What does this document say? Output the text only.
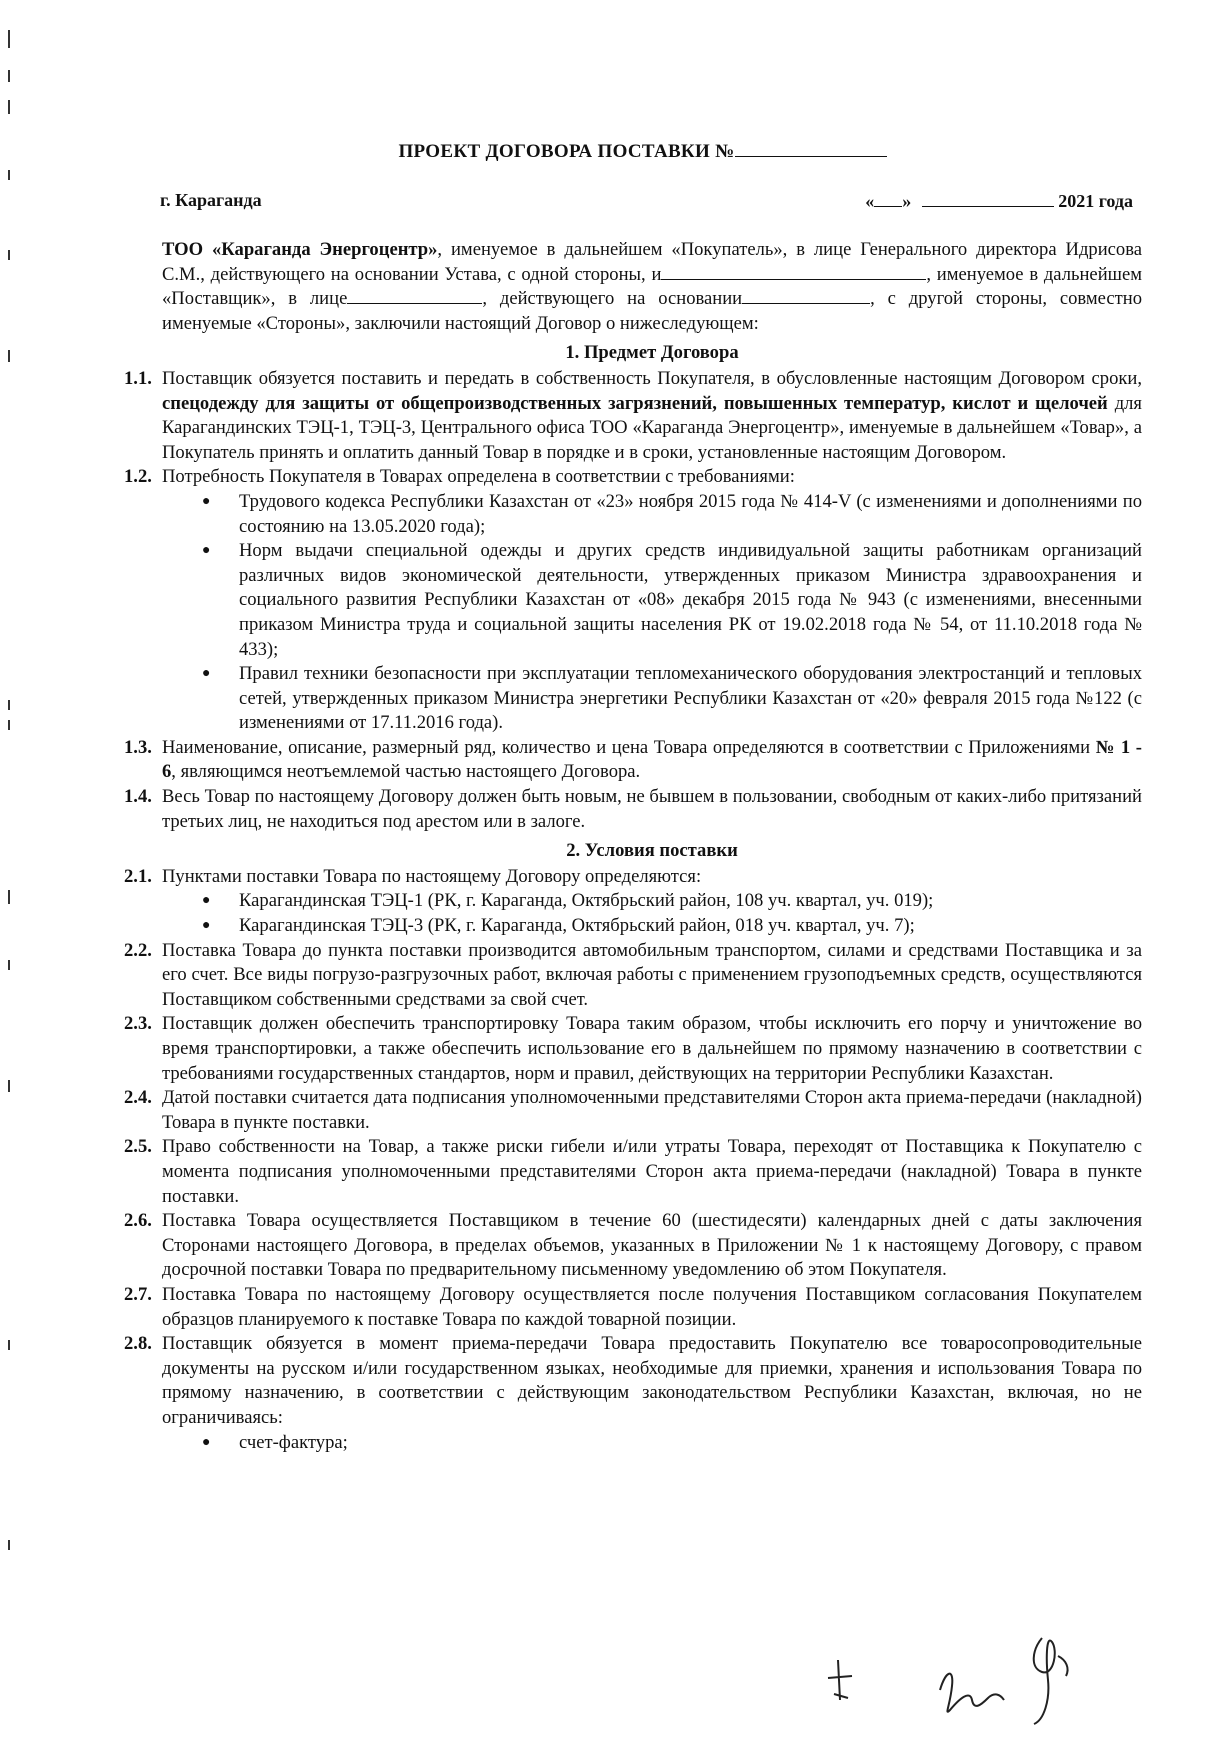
ПРОЕКТ ДОГОВОРА ПОСТАВКИ №
г. Караганда	« »	2021 года

ТОО «Караганда Энергоцентр», именуемое в дальнейшем «Покупатель», в лице Генерального директора Идрисова С.М., действующего на основании Устава, с одной стороны, и	, именуемое в дальнейшем «Поставщик», в лице	, действующего на основании	, с другой стороны, совместно именуемые «Стороны», заключили настоящий Договор о нижеследующем:

1. Предмет Договора
1.1. Поставщик обязуется поставить и передать в собственность Покупателя, в обусловленные настоящим Договором сроки, спецодежду для защиты от общепроизводственных загрязнений, повышенных температур, кислот и щелочей для Карагандинских ТЭЦ-1, ТЭЦ-3, Центрального офиса ТОО «Караганда Энергоцентр», именуемые в дальнейшем «Товар», а Покупатель принять и оплатить данный Товар в порядке и в сроки, установленные настоящим Договором.
1.2. Потребность Покупателя в Товарах определена в соответствии с требованиями:
●	Трудового кодекса Республики Казахстан от «23» ноября 2015 года № 414-V (с изменениями и дополнениями по состоянию на 13.05.2020 года);
●	Норм выдачи специальной одежды и других средств индивидуальной защиты работникам организаций различных видов экономической деятельности, утвержденных приказом Министра здравоохранения и социального развития Республики Казахстан от «08» декабря 2015 года № 943 (с изменениями, внесенными приказом Министра труда и социальной защиты населения РК от 19.02.2018 года № 54, от 11.10.2018 года № 433);
●	Правил техники безопасности при эксплуатации тепломеханического оборудования электростанций и тепловых сетей, утвержденных приказом Министра энергетики Республики Казахстан от «20» февраля 2015 года №122 (с изменениями от 17.11.2016 года).
1.3. Наименование, описание, размерный ряд, количество и цена Товара определяются в соответствии с Приложениями № 1 - 6, являющимся неотъемлемой частью настоящего Договора.
1.4. Весь Товар по настоящему Договору должен быть новым, не бывшем в пользовании, свободным от каких-либо притязаний третьих лиц, не находиться под арестом или в залоге.
2. Условия поставки
2.1. Пунктами поставки Товара по настоящему Договору определяются:
●	Карагандинская ТЭЦ-1 (РК, г. Караганда, Октябрьский район, 108 уч. квартал, уч. 019);
●	Карагандинская ТЭЦ-3 (РК, г. Караганда, Октябрьский район, 018 уч. квартал, уч. 7);
2.2. Поставка Товара до пункта поставки производится автомобильным транспортом, силами и средствами Поставщика и за его счет. Все виды погрузо-разгрузочных работ, включая работы с применением грузоподъемных средств, осуществляются Поставщиком собственными средствами за свой счет.
2.3. Поставщик должен обеспечить транспортировку Товара таким образом, чтобы исключить его порчу и уничтожение во время транспортировки, а также обеспечить использование его в дальнейшем по прямому назначению в соответствии с требованиями государственных стандартов, норм и правил, действующих на территории Республики Казахстан.
2.4. Датой поставки считается дата подписания уполномоченными представителями Сторон акта приема-передачи (накладной) Товара в пункте поставки.
2.5. Право собственности на Товар, а также риски гибели и/или утраты Товара, переходят от Поставщика к Покупателю с момента подписания уполномоченными представителями Сторон акта приема-передачи (накладной) Товара в пункте поставки.
2.6. Поставка Товара осуществляется Поставщиком в течение 60 (шестидесяти) календарных дней с даты заключения Сторонами настоящего Договора, в пределах объемов, указанных в Приложении № 1 к настоящему Договору, с правом досрочной поставки Товара по предварительному письменному уведомлению об этом Покупателя.
2.7. Поставка Товара по настоящему Договору осуществляется после получения Поставщиком согласования Покупателем образцов планируемого к поставке Товара по каждой товарной позиции.
2.8. Поставщик обязуется в момент приема-передачи Товара предоставить Покупателю все товаросопроводительные документы на русском и/или государственном языках, необходимые для приемки, хранения и использования Товара по прямому назначению, в соответствии с действующим законодательством Республики Казахстан, включая, но не ограничиваясь:
●	счет-фактура;
